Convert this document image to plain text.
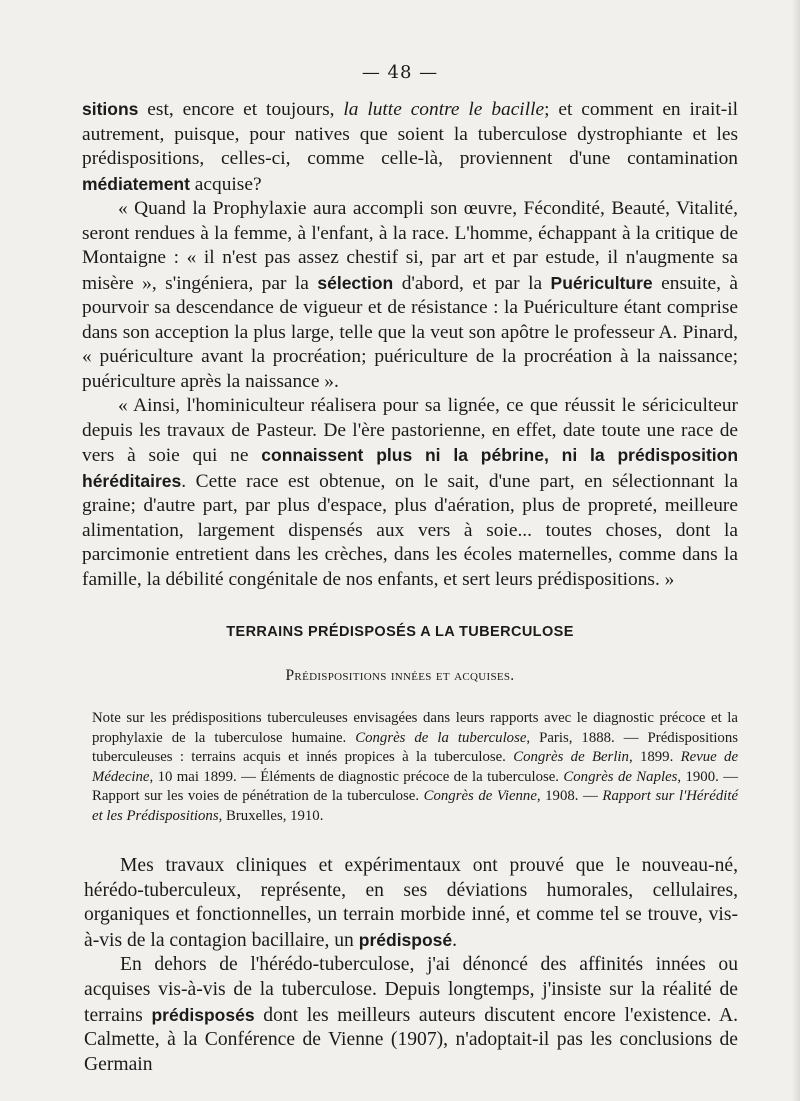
— 48 —

sitions est, encore et toujours, la lutte contre le bacille; et comment en irait-il autrement, puisque, pour natives que soient la tuberculose dystrophiante et les prédispositions, celles-ci, comme celle-là, proviennent d'une contamination médiatement acquise?

« Quand la Prophylaxie aura accompli son œuvre, Fécondité, Beauté, Vitalité, seront rendues à la femme, à l'enfant, à la race. L'homme, échappant à la critique de Montaigne : « il n'est pas assez chestif si, par art et par estude, il n'augmente sa misère », s'ingéniera, par la sélection d'abord, et par la Puériculture ensuite, à pourvoir sa descendance de vigueur et de résistance : la Puériculture étant comprise dans son acception la plus large, telle que la veut son apôtre le professeur A. Pinard, « puériculture avant la procréation; puériculture de la procréation à la naissance; puériculture après la naissance ».

« Ainsi, l'hominiculteur réalisera pour sa lignée, ce que réussit le sériciculteur depuis les travaux de Pasteur. De l'ère pastorienne, en effet, date toute une race de vers à soie qui ne connaissent plus ni la pébrine, ni la prédisposition héréditaires. Cette race est obtenue, on le sait, d'une part, en sélectionnant la graine; d'autre part, par plus d'espace, plus d'aération, plus de propreté, meilleure alimentation, largement dispensés aux vers à soie... toutes choses, dont la parcimonie entretient dans les crèches, dans les écoles maternelles, comme dans la famille, la débilité congénitale de nos enfants, et sert leurs prédispositions. »

TERRAINS PRÉDISPOSÉS A LA TUBERCULOSE
Prédispositions innées et acquises.
Note sur les prédispositions tuberculeuses envisagées dans leurs rapports avec le diagnostic précoce et la prophylaxie de la tuberculose humaine. Congrès de la tuberculose, Paris, 1888. — Prédispositions tuberculeuses : terrains acquis et innés propices à la tuberculose. Congrès de Berlin, 1899. Revue de Médecine, 10 mai 1899. — Éléments de diagnostic précoce de la tuberculose. Congrès de Naples, 1900. — Rapport sur les voies de pénétration de la tuberculose. Congrès de Vienne, 1908. — Rapport sur l'Hérédité et les Prédispositions, Bruxelles, 1910.

Mes travaux cliniques et expérimentaux ont prouvé que le nouveau-né, hérédo-tuberculeux, représente, en ses déviations humorales, cellulaires, organiques et fonctionnelles, un terrain morbide inné, et comme tel se trouve, vis-à-vis de la contagion bacillaire, un prédisposé.

En dehors de l'hérédo-tuberculose, j'ai dénoncé des affinités innées ou acquises vis-à-vis de la tuberculose. Depuis longtemps, j'insiste sur la réalité de terrains prédisposés dont les meilleurs auteurs discutent encore l'existence. A. Calmette, à la Conférence de Vienne (1907), n'adoptait-il pas les conclusions de Germain
